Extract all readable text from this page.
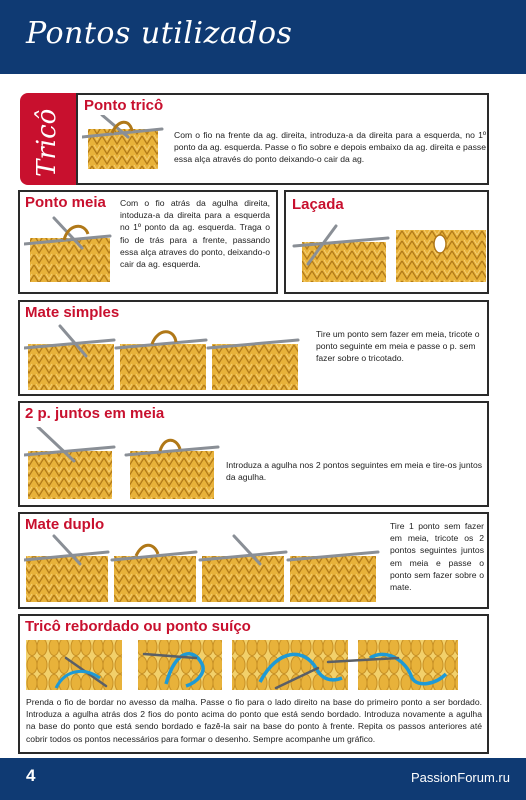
Pontos utilizados
Tricô
Ponto tricô
Com o fio na frente da ag. direita, introduza-a da direita para a esquerda, no 1º ponto da ag. esquerda. Passe o fio sobre e depois embaixo da ag. direita e passe essa alça através do ponto deixando-o cair da ag.
Ponto meia Com o fio atrás da agulha direita, intoduza-a da direita para a esquerda no 1º ponto da ag. esquerda. Traga o fio de trás para a frente, passando essa alça atraves do ponto, deixando-o cair da ag. esquerda.
Laçada
Mate simples
Tire um ponto sem fazer em meia, tricote o ponto seguinte em meia e passe o p. sem fazer sobre o tricotado.
2 p. juntos em meia
Introduza a agulha nos 2 pontos seguintes em meia e tire-os juntos da agulha.
Mate duplo	Tire 1 ponto sem fazer em meia, tricote os 2 pontos seguintes juntos em meia e passe o ponto sem fazer sobre o mate.
Tricô rebordado ou ponto suíço
Prenda o fio de bordar no avesso da malha. Passe o fio para o lado direito na base do primeiro ponto a ser bordado. Introduza a agulha atrás dos 2 fios do ponto acima do ponto que está sendo bordado. Introduza novamente a agulha na base do ponto que está sendo bordado e fazê-la sair na base do ponto à frente. Repita os passos anteriores até cobrir todos os pontos necessários para formar o desenho. Sempre acompanhe um gráfico.
4	PassionForum.ru
